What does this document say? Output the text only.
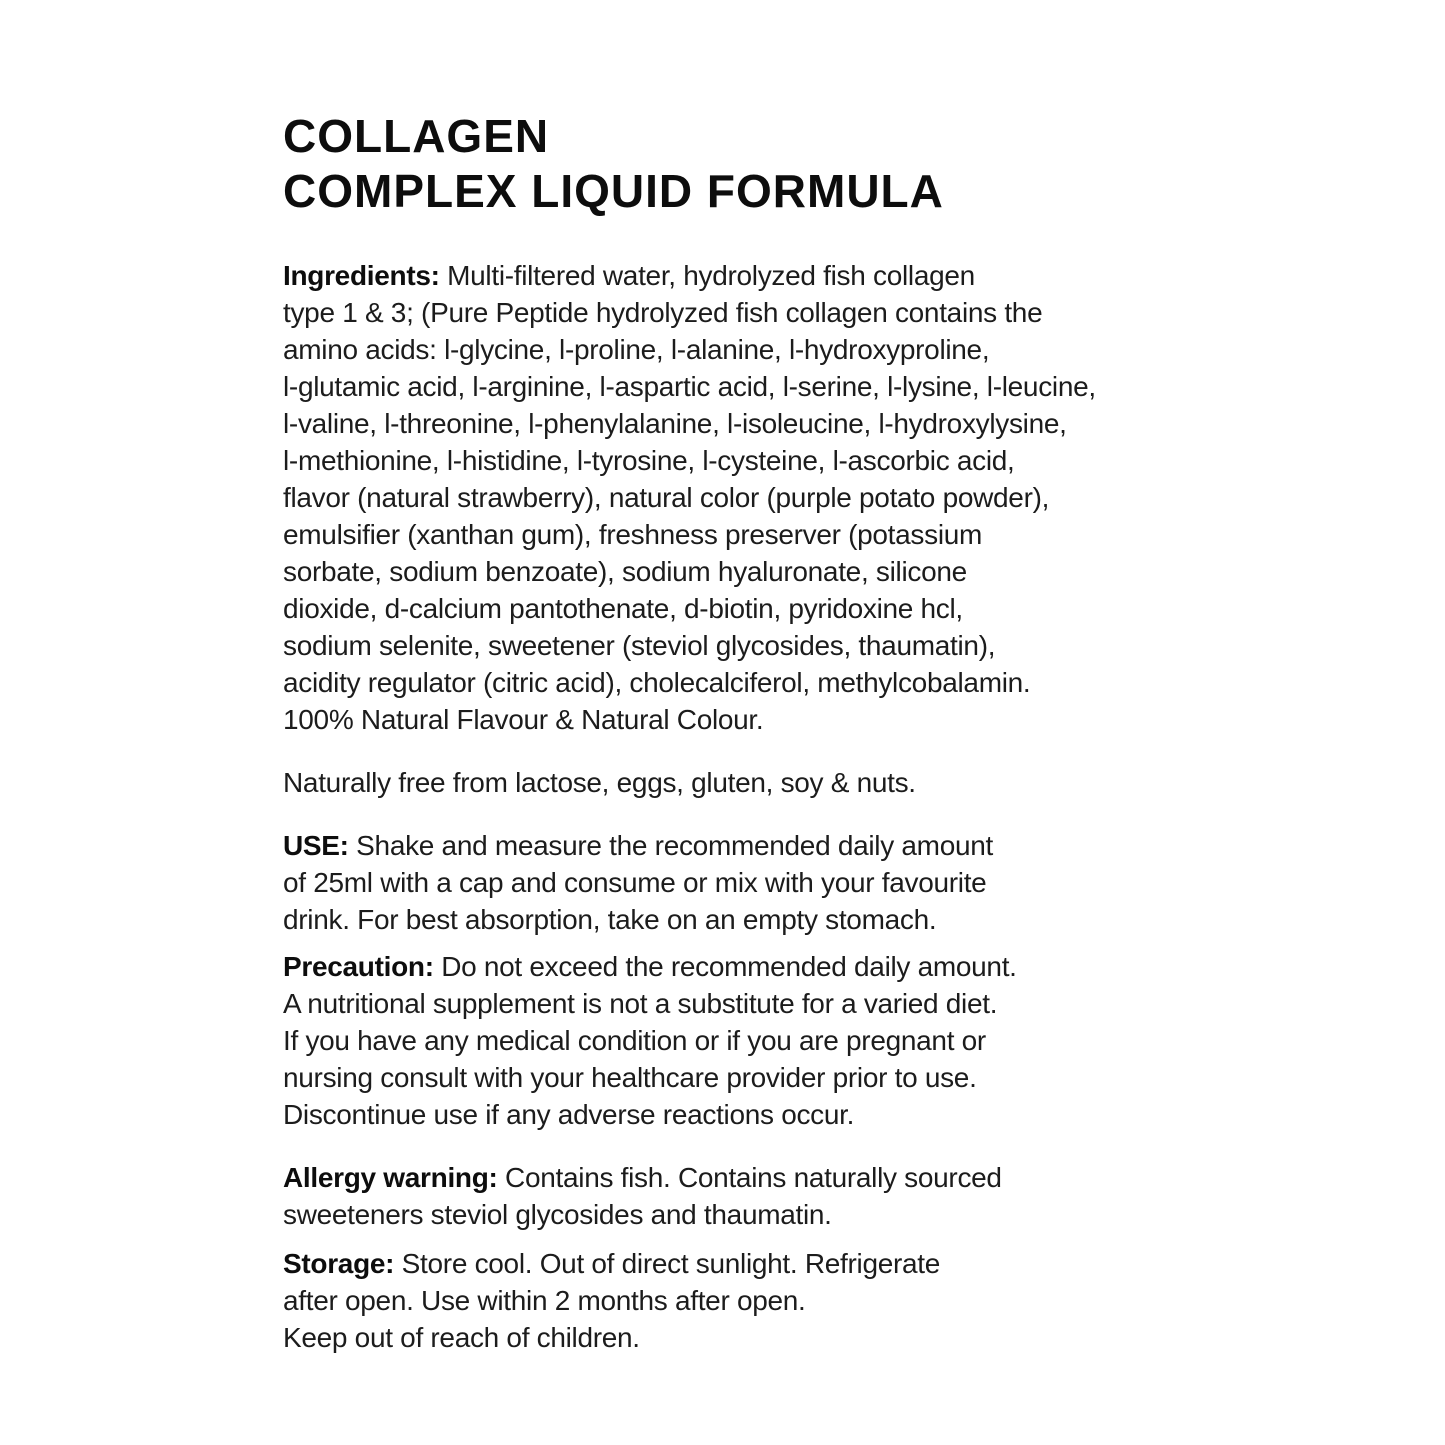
COLLAGEN
COMPLEX LIQUID FORMULA
Ingredients: Multi-filtered water, hydrolyzed fish collagen
type 1 & 3; (Pure Peptide hydrolyzed fish collagen contains the
amino acids: l-glycine, l-proline, l-alanine, l-hydroxyproline,
l-glutamic acid, l-arginine, l-aspartic acid, l-serine, l-lysine, l-leucine,
l-valine, l-threonine, l-phenylalanine, l-isoleucine, l-hydroxylysine,
l-methionine, l-histidine, l-tyrosine, l-cysteine, l-ascorbic acid,
flavor (natural strawberry), natural color (purple potato powder),
emulsifier (xanthan gum), freshness preserver (potassium
sorbate, sodium benzoate), sodium hyaluronate, silicone
dioxide, d-calcium pantothenate, d-biotin, pyridoxine hcl,
sodium selenite, sweetener (steviol glycosides, thaumatin),
acidity regulator (citric acid), cholecalciferol, methylcobalamin.
100% Natural Flavour & Natural Colour.
Naturally free from lactose, eggs, gluten, soy & nuts.
USE: Shake and measure the recommended daily amount
of 25ml with a cap and consume or mix with your favourite
drink. For best absorption, take on an empty stomach.
Precaution: Do not exceed the recommended daily amount.
A nutritional supplement is not a substitute for a varied diet.
If you have any medical condition or if you are pregnant or
nursing consult with your healthcare provider prior to use.
Discontinue use if any adverse reactions occur.
Allergy warning: Contains fish. Contains naturally sourced
sweeteners steviol glycosides and thaumatin.
Storage: Store cool. Out of direct sunlight. Refrigerate
after open. Use within 2 months after open.
Keep out of reach of children.
